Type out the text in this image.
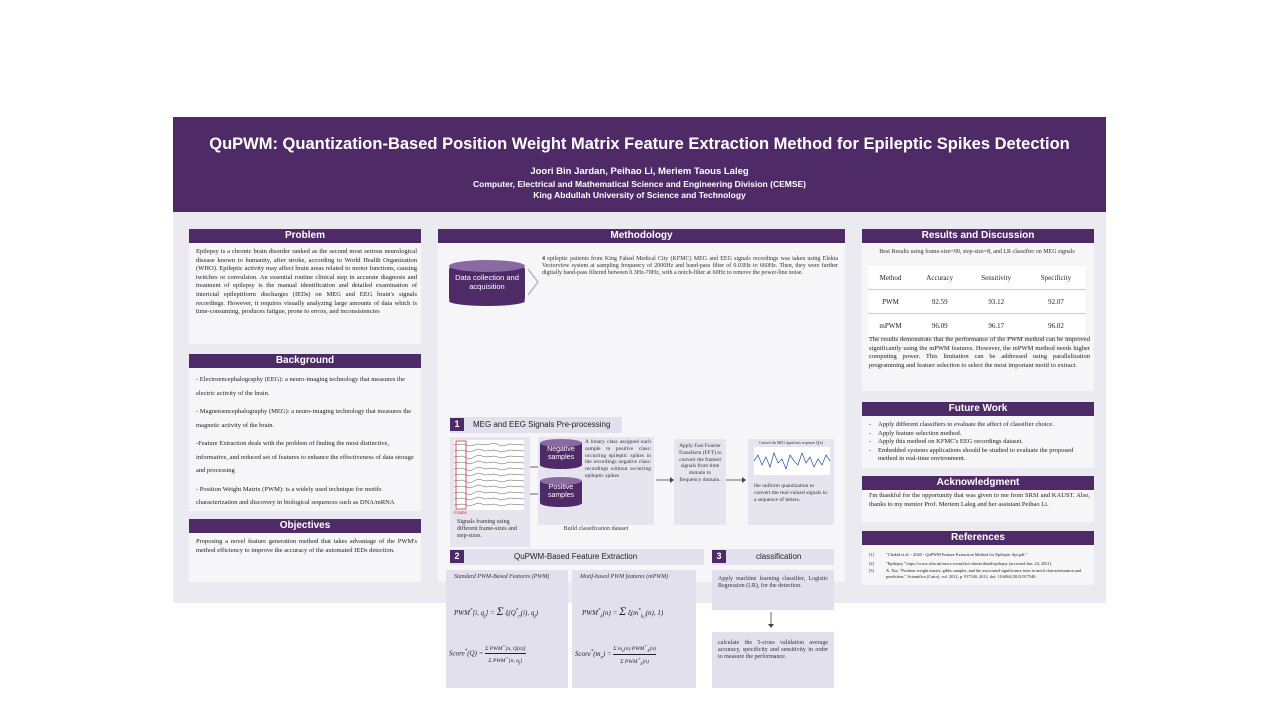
QuPWM: Quantization-Based Position Weight Matrix Feature Extraction Method for Epileptic Spikes Detection
Joori Bin Jardan, Peihao Li, Meriem Taous Laleg
Computer, Electrical and Mathematical Science and Engineering Division (CEMSE)
King Abdullah University of Science and Technology
Problem
Epilepsy is a chronic brain disorder ranked as the second most serious neurological disease known to humanity, after stroke, according to World Health Organization (WHO). Epileptic activity may affect brain areas related to motor functions, causing twitches or convulsion. An essential routine clinical step in accurate diagnosis and treatment of epilepsy is the manual identification and detailed examination of interictal epileptiform discharges (IEDs) on MEG and EEG brain's signals recordings. However, it requires visually analyzing large amounts of data which is time-consuming, produces fatigue, prone to errors, and inconsistencies
Background
- Electroencephalography (EEG): a neuro-imaging technology that measures the electric activity of the brain.
- Magnetoencephalography (MEG): a neuro-imaging technology that measures the magnetic activity of the brain.
-Feature Extraction deals with the problem of finding the most distinctive, informative, and reduced set of features to enhance the effectiveness of data storage and processing
- Position Weight Matrix (PWM): is a widely used technique for motifs characterization and discovery in biological sequences such as DNA/mRNA
Objectives
Proposing a novel feature generation method that takes advantage of the PWM's method efficiency to improve the accuracy of the automated IEDs detection.
Methodology
Data collection and acquisition
4 epileptic patients from King Fahad Medical City (KFMC) MEG and EEG signals recordings was taken using Elekta Vectorview system at sampling frequency of 2000Hz and band-pass filter of 0.03Hz to 660Hz. Then, they were further digitally band-pass filtered between 0.3Hz-70Hz, with a notch-filter at 60Hz to remove the power-line noise.
1	MEG and EEG Signals Pre-processing
Frame
Signals framing using different frame-sizes and step-sizes.
Negative samples
Positive samples
A binary class assigned each sample to positive class: occurring epileptic spikes in the recordings negative class: recordings without occurring epileptic spikes
Build classification dataset
Apply Fast Fourier Transform (FFT) to convert the framed signals from time domain to frequency domain.
Convert the MEG signal into sequence Q(n)
the uniform quantization to convert the real-valued signals to a sequence of letters.
2	QuPWM-Based Feature Extraction
Standard PWM-Based Features (PWM)
PWM*[i, $q_j] = \Sigma$ $\xi(Q^*_n(i)$, $q_j$)
Score*(Q) =
Σ PWM+[n, Q(n)]
Σ PWM+[n, $q_j$]
Motif-based PWM features (mPWM)
$PWM^*_k(n) = \Sigma$ $\xi(m^*_{k,i}(n)$, 1)
$Score^*(m_e)$ =
Σ $m_e(n)$ $PWM^+_k(n)$
Σ $PWM^+_k(n)$
3	classification
Apply machine learning classifier, Logistic Regression (LR), for the detection.
calculate the 5-cross validation average accuracy, specificity and sensitivity in order to measure the performance.
Results and Discussion
Best Results using frame-size=90, step-size=8, and LR classifier on MEG signals
Method	Accuracy	Sensitivity	Specificity
PWM	92.59	93.12	92.07
mPWM	96.09	96.17	96.02
The results demonstrate that the performance of the PWM method can be improved significantly using the mPWM features. However, the mPWM method needs higher computing power. This limitation can be addressed using parallelization programming and feature selection to select the most important motif to extract.
Future Work
-	Apply different classifiers to evaluate the affect of classifier choice.
-	Apply feature selection method.
-	Apply this method on KFMC's EEG recordings dataset.
-	Embedded systems applications should be studied to evaluate the proposed method in real-time environment.
Acknowledgment
I'm thankful for the opportunity that was given to me from SRSI and KAUST. Also, thanks to my mentor Prof. Meriem Laleg and her assistant Peihao Li.
References
[1]	"Chekid et al. - 2020 - QuPWM Feature Extraction Method for Epileptic Spi.pdf."
[2]	"Epilepsy." https://www.who.int/news-room/fact-sheets/detail/epilepsy (accessed Jun. 24, 2021).
[3]	X. Xia, "Position weight matrix, gibbs sampler, and the associated significance tests in motif characterization and prediction," Scientifica (Cairo), vol. 2012, p. 917540, 2012, doi: 10.6064/2012/917540.
